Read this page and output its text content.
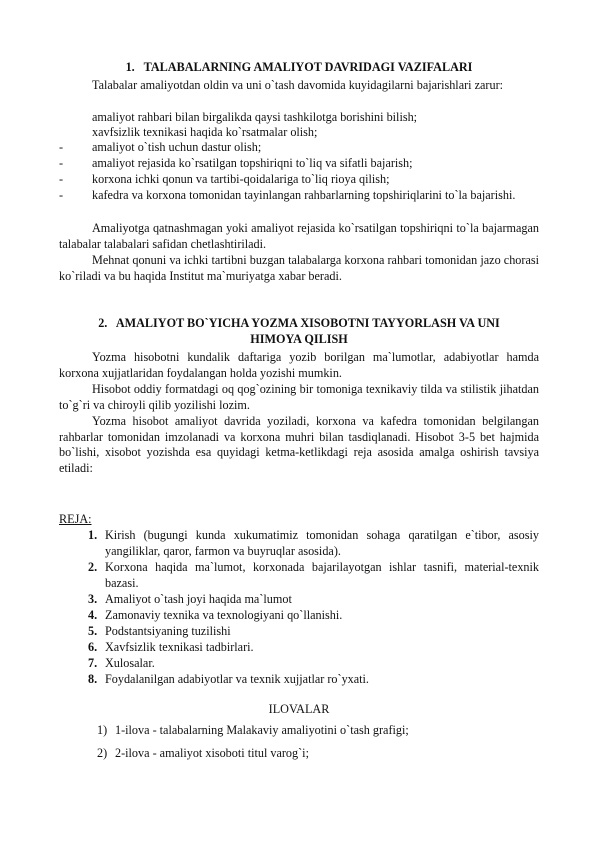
1. TALABALARNING AMALIYOT DAVRIDAGI VAZIFALARI
Talabalar amaliyotdan oldin va uni o`tash davomida kuyidagilarni bajarishlari zarur:
amaliyot rahbari bilan birgalikda qaysi tashkilotga borishini bilish;
xavfsizlik texnikasi haqida ko`rsatmalar olish;
- amaliyot o`tish uchun dastur olish;
- amaliyot rejasida ko`rsatilgan topshiriqni to`liq va sifatli bajarish;
- korxona ichki qonun va tartibi-qoidalariga to`liq rioya qilish;
-	kafedra va korxona tomonidan tayinlangan rahbarlarning topshiriqlarini to`la bajarishi.
Amaliyotga qatnashmagan yoki amaliyot rejasida ko`rsatilgan topshiriqni to`la bajarmagan talabalar talabalari safidan chetlashtiriladi.
Mehnat qonuni va ichki tartibni buzgan talabalarga korxona rahbari tomonidan jazo chorasi ko`riladi va bu haqida Institut ma`muriyatga xabar beradi.
2. AMALIYOT BO`YICHA YOZMA XISOBOTNI TAYYORLASH VA UNI
HIMOYA QILISH
Yozma hisobotni kundalik daftariga yozib borilgan ma`lumotlar, adabiyotlar hamda korxona xujjatlaridan foydalangan holda yozishi mumkin.
Hisobot oddiy formatdagi oq qog`ozining bir tomoniga texnikaviy tilda va stilistik jihatdan to`g`ri va chiroyli qilib yozilishi lozim.
Yozma hisobot amaliyot davrida yoziladi, korxona va kafedra tomonidan belgilangan rahbarlar tomonidan imzolanadi va korxona muhri bilan tasdiqlanadi. Hisobot 3-5 bet hajmida bo`lishi, xisobot yozishda esa quyidagi ketma-ketlikdagi reja asosida amalga oshirish tavsiya etiladi:
REJA:
1. Kirish (bugungi kunda xukumatimiz tomonidan sohaga qaratilgan e`tibor, asosiy yangiliklar, qaror, farmon va buyruqlar asosida).
2. Korxona haqida ma`lumot, korxonada bajarilayotgan ishlar tasnifi, material-texnik bazasi.
3. Amaliyot o`tash joyi haqida ma`lumot
4. Zamonaviy texnika va texnologiyani qo`llanishi.
5. Podstantsiyaning tuzilishi
6. Xavfsizlik texnikasi tadbirlari.
7. Xulosalar.
8. Foydalanilgan adabiyotlar va texnik xujjatlar ro`yxati.
ILOVALAR
1) 1-ilova - talabalarning Malakaviy amaliyotini o`tash grafigi;
2) 2-ilova - amaliyot xisoboti titul varog`i;
